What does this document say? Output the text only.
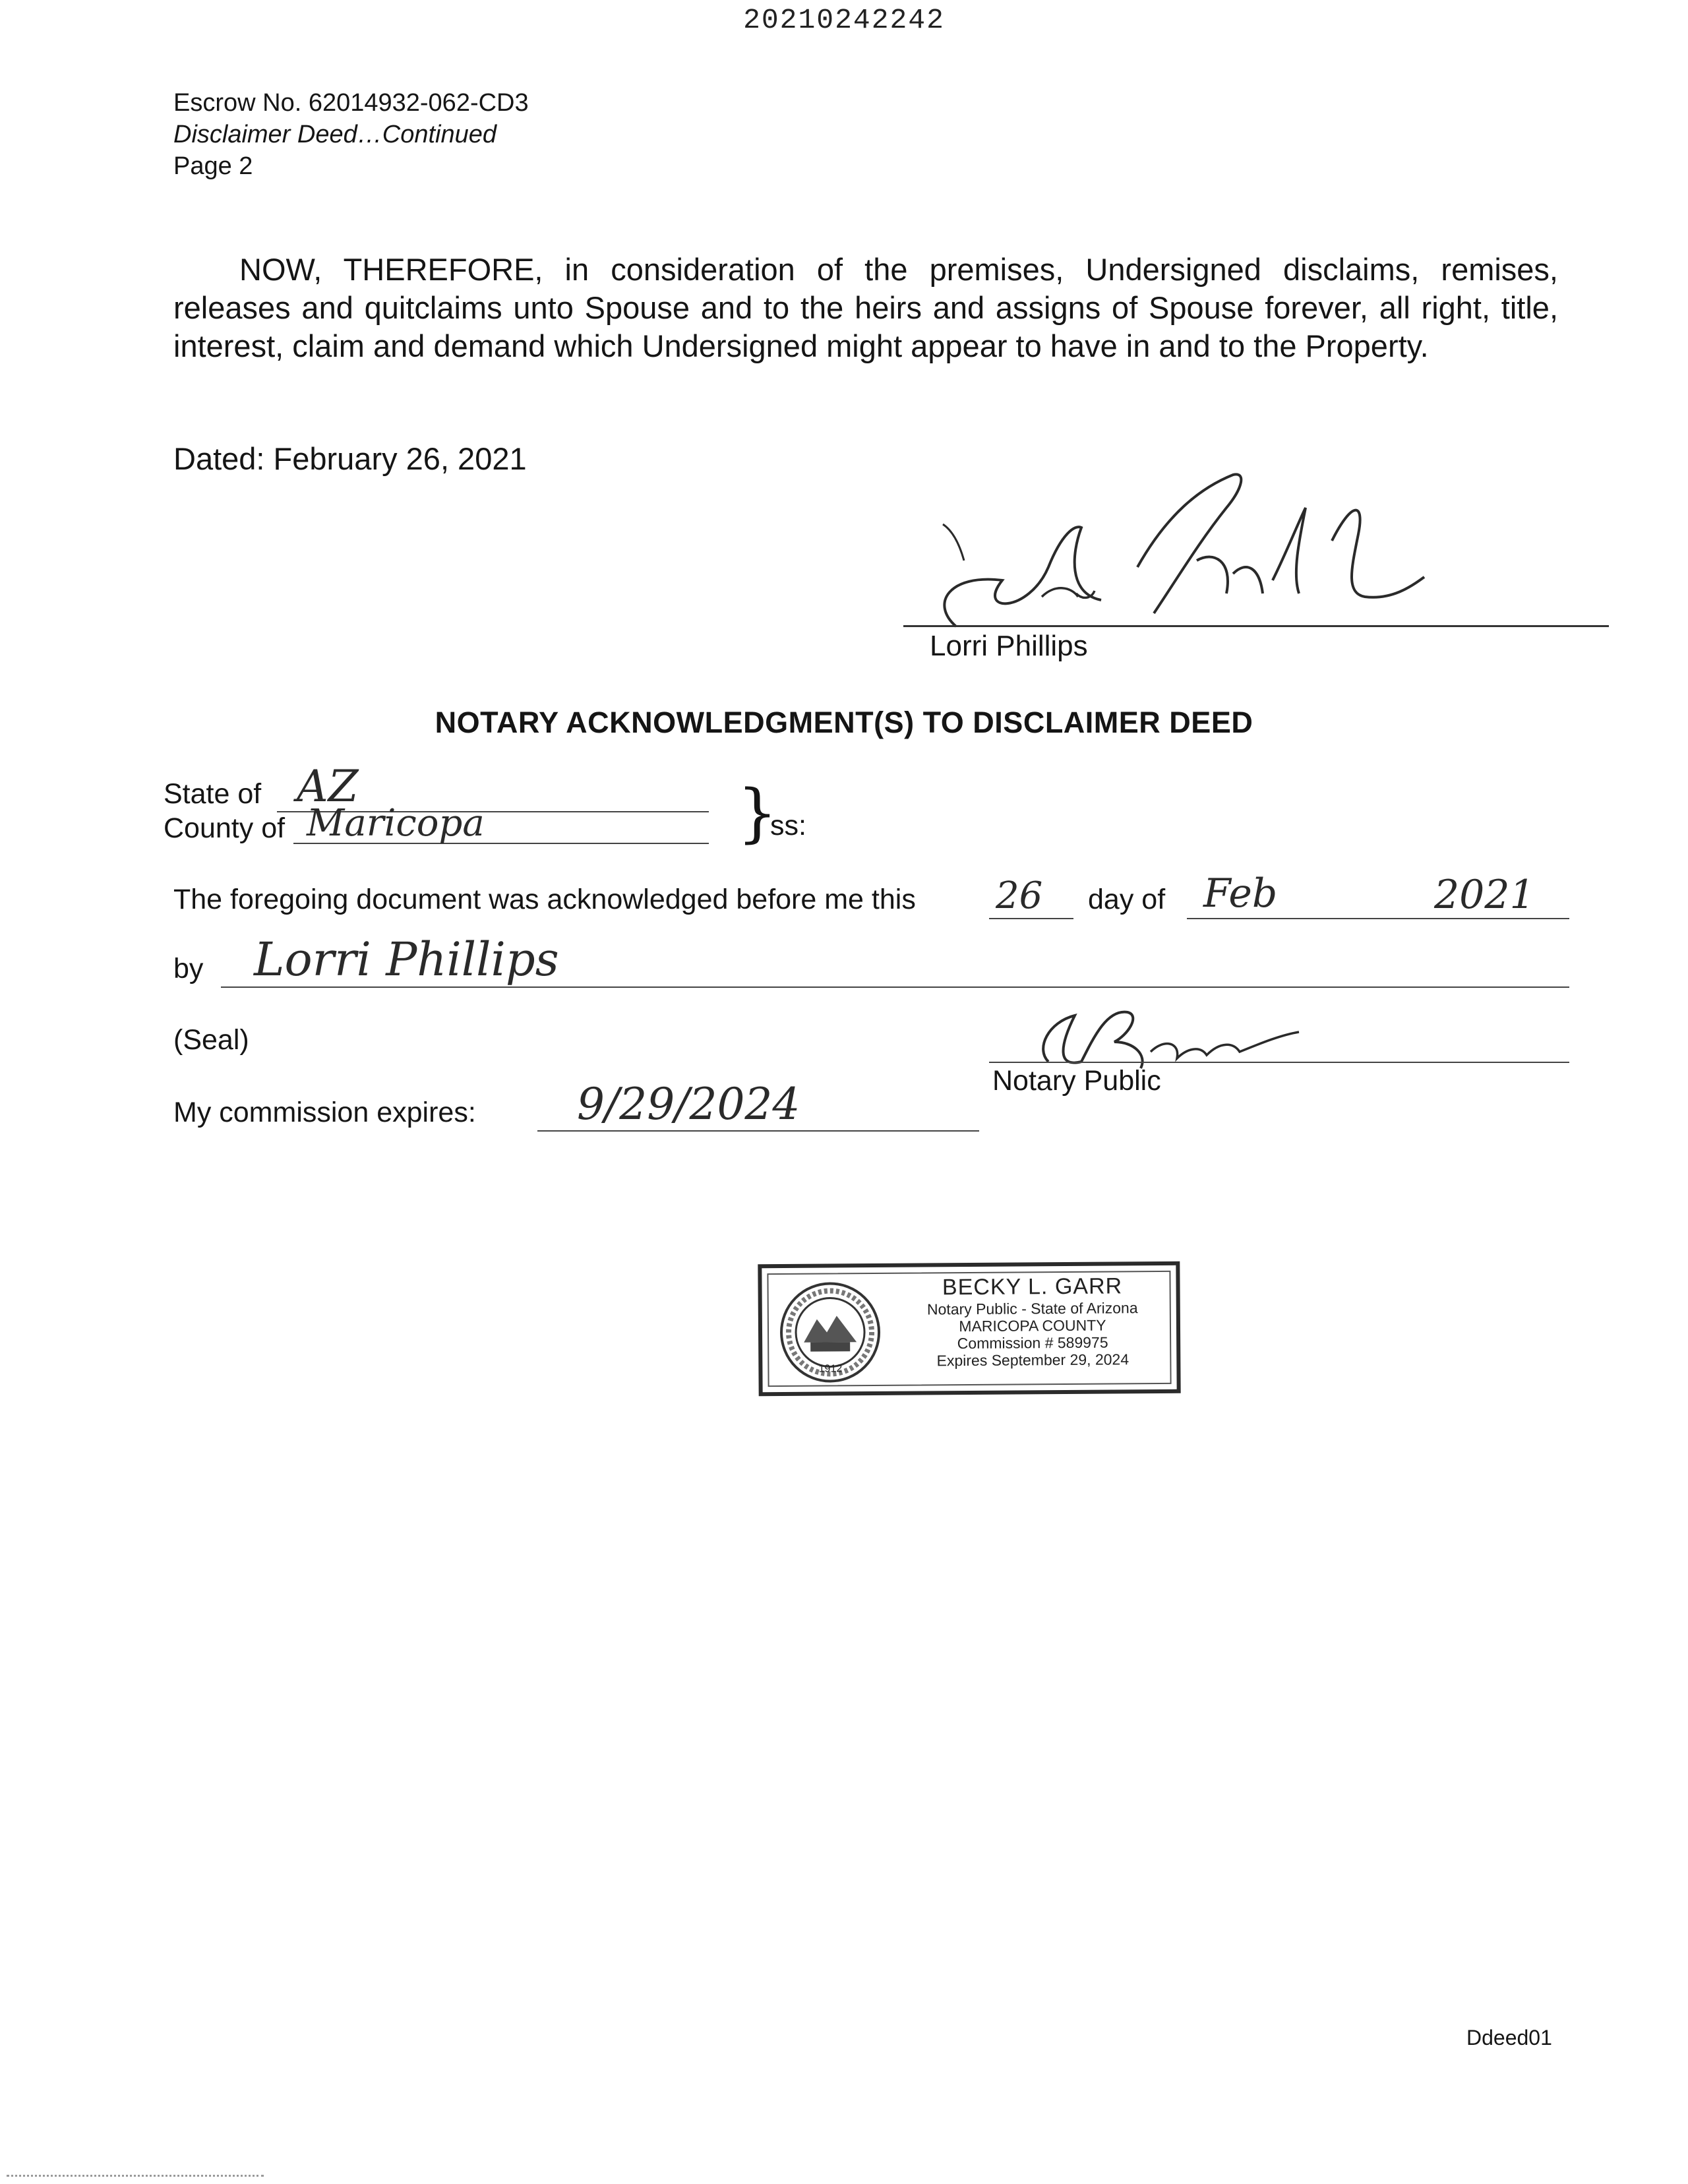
20210242242
Escrow No. 62014932-062-CD3
Disclaimer Deed…Continued
Page 2
NOW, THEREFORE, in consideration of the premises, Undersigned disclaims, remises, releases and quitclaims unto Spouse and to the heirs and assigns of Spouse forever, all right, title, interest, claim and demand which Undersigned might appear to have in and to the Property.
Dated: February 26, 2021
Lorri Phillips
NOTARY ACKNOWLEDGMENT(S) TO DISCLAIMER DEED
State of AZ
County of Maricopa	}
ss:
The foregoing document was acknowledged before me this 26 day of Feb	2021
by Lorri Phillips
(Seal)
Notary Public
My commission expires: 9/29/2024
1912
BECKY L. GARR
Notary Public - State of Arizona
MARICOPA COUNTY
Commission # 589975
Expires September 29, 2024
Ddeed01
